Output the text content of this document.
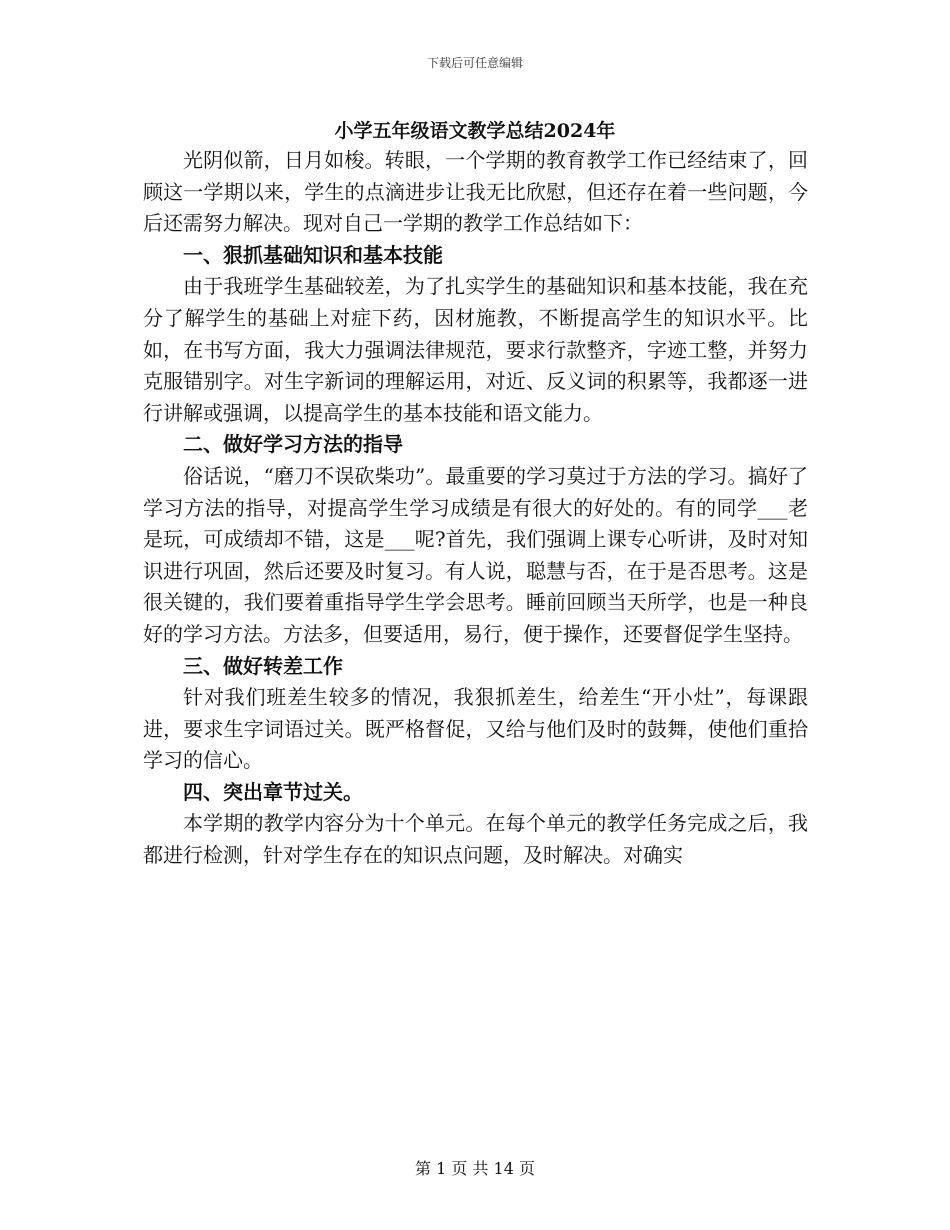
下载后可任意编辑
小学五年级语文教学总结2024年

光阴似箭，日月如梭。转眼，一个学期的教育教学工作已经结束了，回顾这一学期以来，学生的点滴进步让我无比欣慰，但还存在着一些问题，今后还需努力解决。现对自己一学期的教学工作总结如下：

一、狠抓基础知识和基本技能

由于我班学生基础较差，为了扎实学生的基础知识和基本技能，我在充分了解学生的基础上对症下药，因材施教，不断提高学生的知识水平。比如，在书写方面，我大力强调法律规范，要求行款整齐，字迹工整，并努力克服错别字。对生字新词的理解运用，对近、反义词的积累等，我都逐一进行讲解或强调，以提高学生的基本技能和语文能力。

二、做好学习方法的指导

俗话说，“磨刀不误砍柴功”。最重要的学习莫过于方法的学习。搞好了学习方法的指导，对提高学生学习成绩是有很大的好处的。有的同学___老是玩，可成绩却不错，这是___呢?首先，我们强调上课专心听讲，及时对知识进行巩固，然后还要及时复习。有人说，聪慧与否，在于是否思考。这是很关键的，我们要着重指导学生学会思考。睡前回顾当天所学，也是一种良好的学习方法。方法多，但要适用，易行，便于操作，还要督促学生坚持。

三、做好转差工作

针对我们班差生较多的情况，我狠抓差生，给差生“开小灶”，每课跟进，要求生字词语过关。既严格督促，又给与他们及时的鼓舞，使他们重拾学习的信心。

四、突出章节过关。

本学期的教学内容分为十个单元。在每个单元的教学任务完成之后，我都进行检测，针对学生存在的知识点问题，及时解决。对确实

第 1 页 共 14 页
